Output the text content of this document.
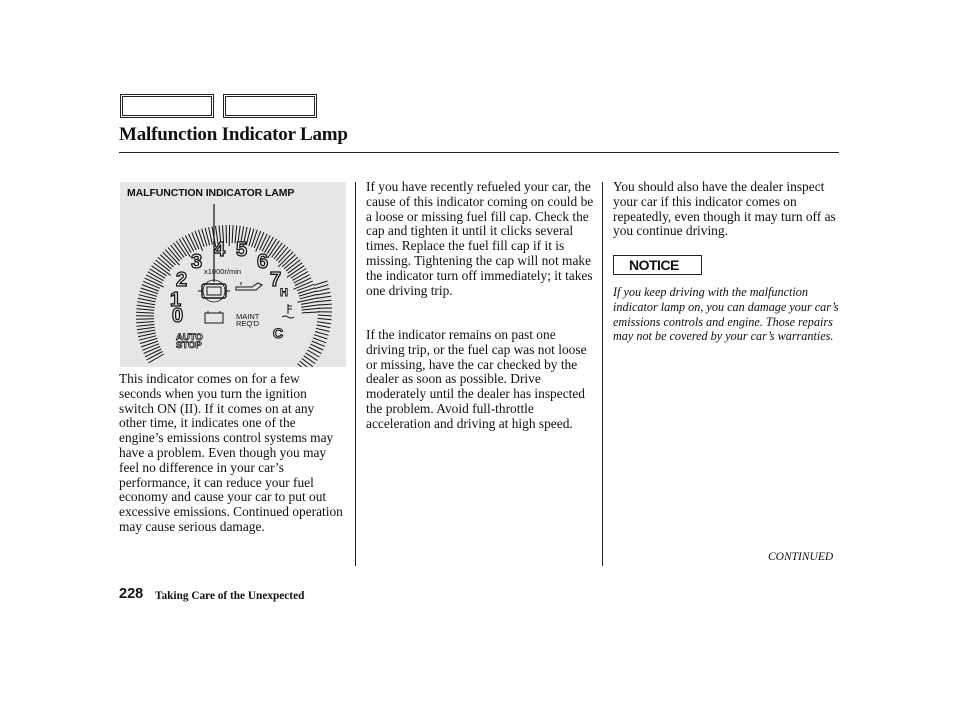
Malfunction Indicator Lamp
0
1
2
3
4 5
6
7
x1000r/min
MAINT
REQ'D
AUTO
STOP
H
C
MALFUNCTION INDICATOR LAMP

This indicator comes on for a few seconds when you turn the ignition switch ON (II). If it comes on at any other time, it indicates one of the engine’s emissions control systems may have a problem. Even though you may feel no difference in your car’s performance, it can reduce your fuel economy and cause your car to put out excessive emissions. Continued operation may cause serious damage.

If you have recently refueled your car, the cause of this indicator coming on could be a loose or missing fuel fill cap. Check the cap and tighten it until it clicks several times. Replace the fuel fill cap if it is missing. Tightening the cap will not make the indicator turn off immediately; it takes one driving trip.

If the indicator remains on past one driving trip, or the fuel cap was not loose or missing, have the car checked by the dealer as soon as possible. Drive moderately until the dealer has inspected the problem. Avoid full-throttle acceleration and driving at high speed.

You should also have the dealer inspect your car if this indicator comes on repeatedly, even though it may turn off as you continue driving.

NOTICE

If you keep driving with the malfunction indicator lamp on, you can damage your car’s emissions controls and engine. Those repairs may not be covered by your car’s warranties.

CONTINUED
228 Taking Care of the Unexpected
